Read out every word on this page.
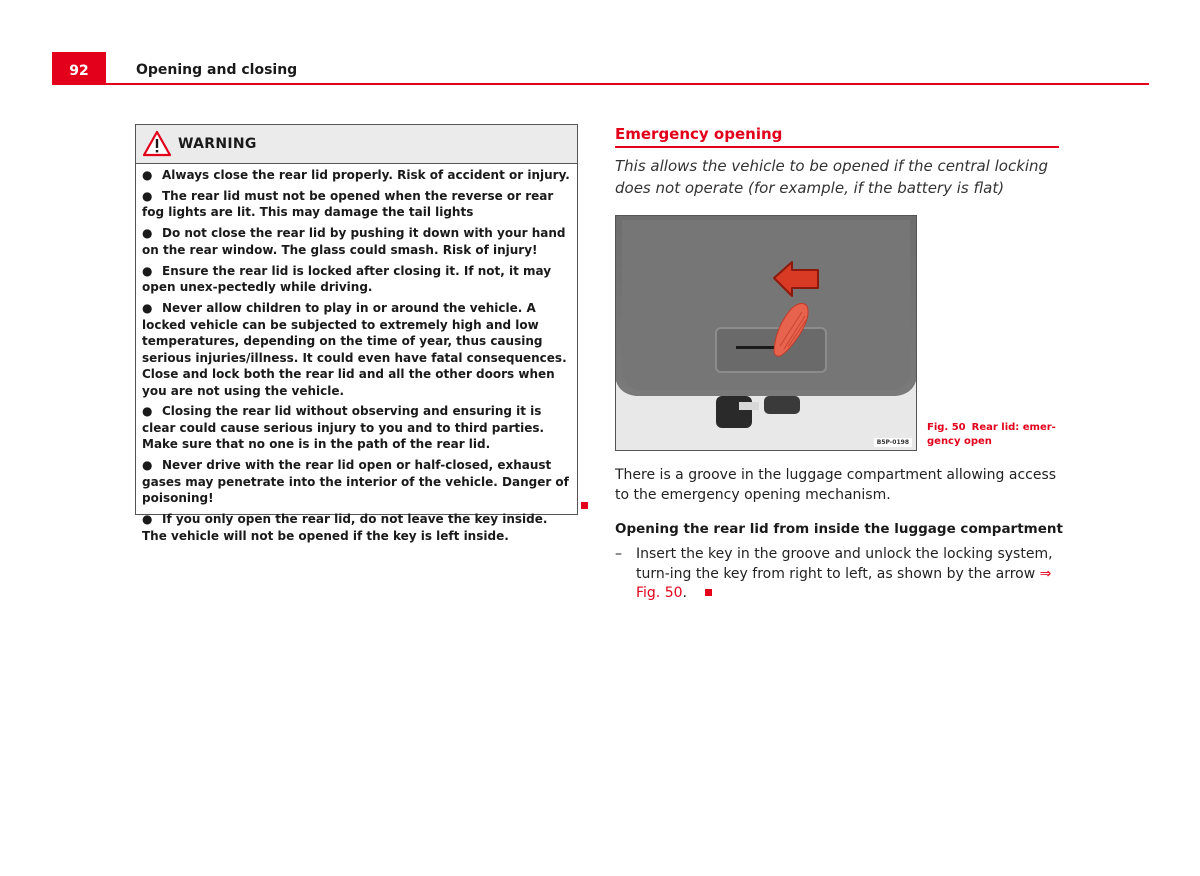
92	Opening and closing
WARNING
● Always close the rear lid properly. Risk of accident or injury.
● The rear lid must not be opened when the reverse or rear fog lights are lit. This may damage the tail lights
● Do not close the rear lid by pushing it down with your hand on the rear window. The glass could smash. Risk of injury!
● Ensure the rear lid is locked after closing it. If not, it may open unex-pectedly while driving.
● Never allow children to play in or around the vehicle. A locked vehicle can be subjected to extremely high and low temperatures, depending on the time of year, thus causing serious injuries/illness. It could even have fatal consequences. Close and lock both the rear lid and all the other doors when you are not using the vehicle.
● Closing the rear lid without observing and ensuring it is clear could cause serious injury to you and to third parties. Make sure that no one is in the path of the rear lid.
● Never drive with the rear lid open or half-closed, exhaust gases may penetrate into the interior of the vehicle. Danger of poisoning!
● If you only open the rear lid, do not leave the key inside. The vehicle will not be opened if the key is left inside.
Emergency opening
This allows the vehicle to be opened if the central locking does not operate (for example, if the battery is flat)
B5P-0198
Fig. 50 Rear lid: emer-gency open
There is a groove in the luggage compartment allowing access to the emergency opening mechanism.
Opening the rear lid from inside the luggage compartment
– Insert the key in the groove and unlock the locking system, turn-ing the key from right to left, as shown by the arrow ⇒ Fig. 50.
